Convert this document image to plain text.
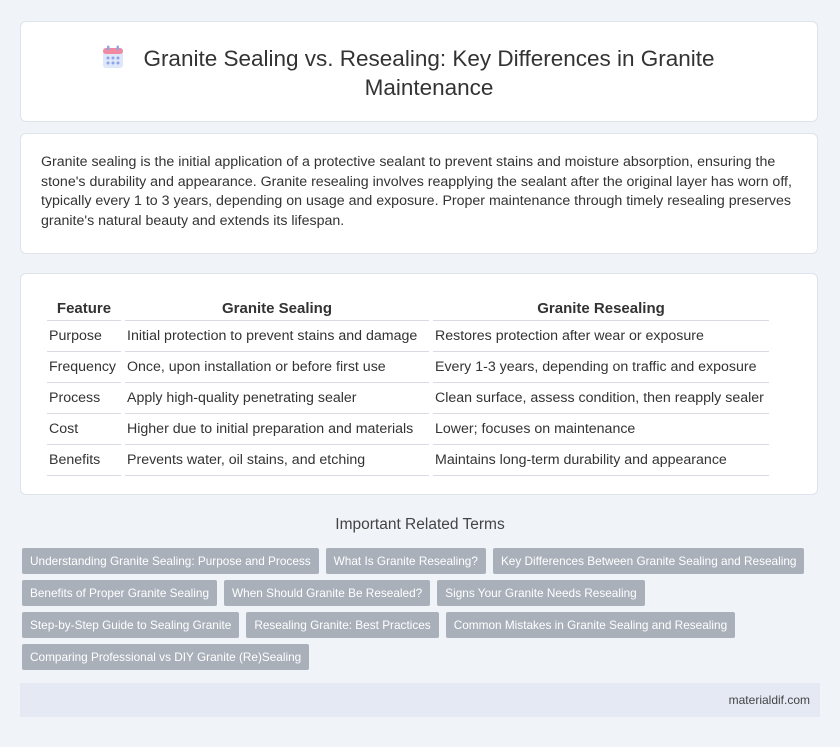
Granite Sealing vs. Resealing: Key Differences in Granite Maintenance

Granite sealing is the initial application of a protective sealant to prevent stains and moisture absorption, ensuring the stone's durability and appearance. Granite resealing involves reapplying the sealant after the original layer has worn off, typically every 1 to 3 years, depending on usage and exposure. Proper maintenance through timely resealing preserves granite's natural beauty and extends its lifespan.

Feature	Granite Sealing	Granite Resealing
Purpose	Initial protection to prevent stains and damage	Restores protection after wear or exposure
Frequency	Once, upon installation or before first use	Every 1-3 years, depending on traffic and exposure
Process	Apply high-quality penetrating sealer	Clean surface, assess condition, then reapply sealer
Cost	Higher due to initial preparation and materials	Lower; focuses on maintenance
Benefits	Prevents water, oil stains, and etching	Maintains long-term durability and appearance
Important Related Terms
Understanding Granite Sealing: Purpose and Process	What Is Granite Resealing?	Key Differences Between Granite Sealing and Resealing
Benefits of Proper Granite Sealing	When Should Granite Be Resealed?	Signs Your Granite Needs Resealing
Step-by-Step Guide to Sealing Granite	Resealing Granite: Best Practices	Common Mistakes in Granite Sealing and Resealing
Comparing Professional vs DIY Granite (Re)Sealing
materialdif.com
